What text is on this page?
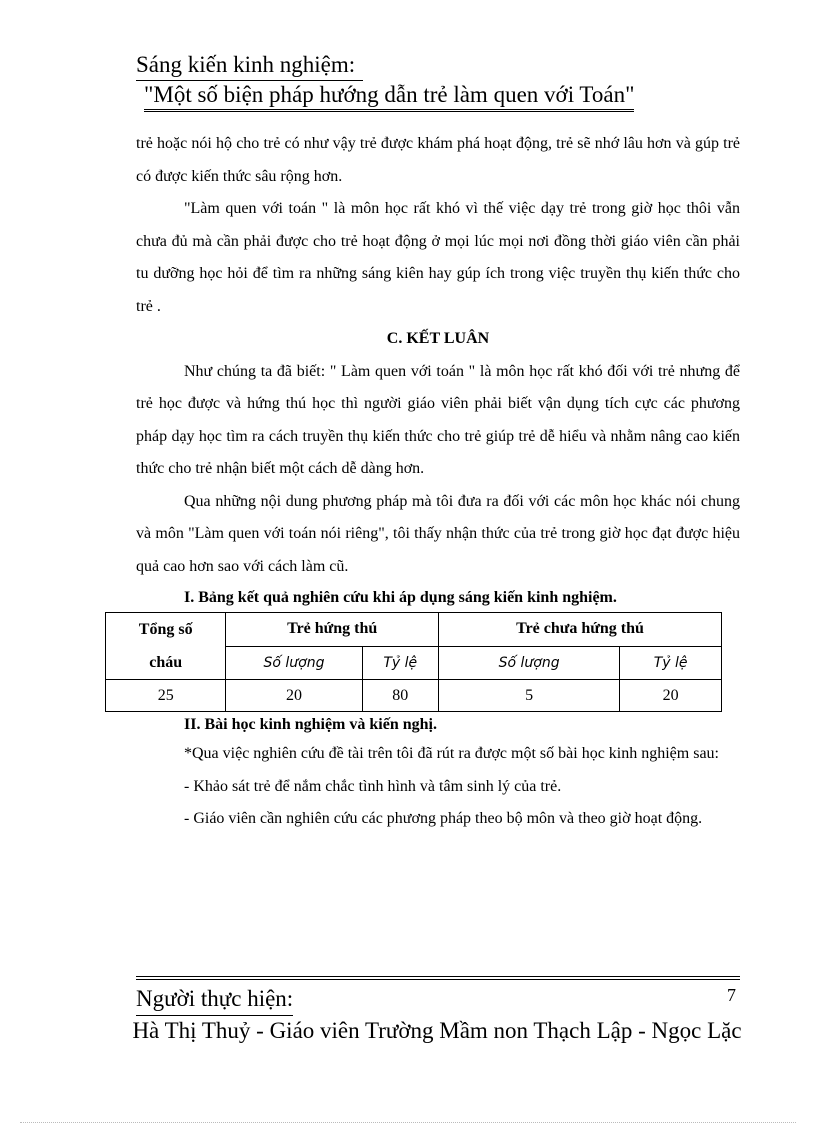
Sáng kiến kinh nghiệm:
"Một số biện pháp hướng dẫn trẻ làm quen với Toán"

trẻ hoặc nói hộ cho trẻ có như vậy trẻ được khám phá hoạt động, trẻ sẽ nhớ lâu hơn và gúp trẻ có được kiến thức sâu rộng hơn.

"Làm quen với toán " là môn học rất khó vì thế việc dạy trẻ trong giờ học thôi vẫn chưa đủ mà cần phải được cho trẻ hoạt động ở mọi lúc mọi nơi đồng thời giáo viên cần phải tu dưỡng học hỏi để tìm ra những sáng kiên hay gúp ích trong việc truyền thụ kiến thức cho trẻ .

C. KẾT LUÂN

Như chúng ta đã biết: " Làm quen với toán " là môn học rất khó đối với trẻ nhưng để trẻ học được và hứng thú học thì người giáo viên phải biết vận dụng tích cực các phương pháp dạy học tìm ra cách truyền thụ kiến thức cho trẻ giúp trẻ dễ hiểu và nhằm nâng cao kiến thức cho trẻ nhận biết một cách dễ dàng hơn.

Qua những nội dung phương pháp mà tôi đưa ra đối với các môn học khác nói chung và môn "Làm quen với toán nói riêng", tôi thấy nhận thức của trẻ trong giờ học đạt được hiệu quả cao hơn sao với cách làm cũ.

I. Bảng kết quả nghiên cứu khi áp dụng sáng kiến kinh nghiệm.

Tổng số
cháu	Trẻ hứng thú		Trẻ chưa hứng thú	
	Số lượng	Tỷ lệ	Số lượng	Tỷ lệ
25	20	80	5	20

II. Bài học kinh nghiệm và kiến nghị.

*Qua việc nghiên cứu đề tài trên tôi đã rút ra được một số bài học kinh nghiệm sau:

- Khảo sát trẻ để nắm chắc tình hình và tâm sinh lý của trẻ.

- Giáo viên cần nghiên cứu các phương pháp theo bộ môn và theo giờ hoạt động.

Người thực hiện:	7
Hà Thị Thuỷ - Giáo viên Trường Mầm non Thạch Lập - Ngọc Lặc
